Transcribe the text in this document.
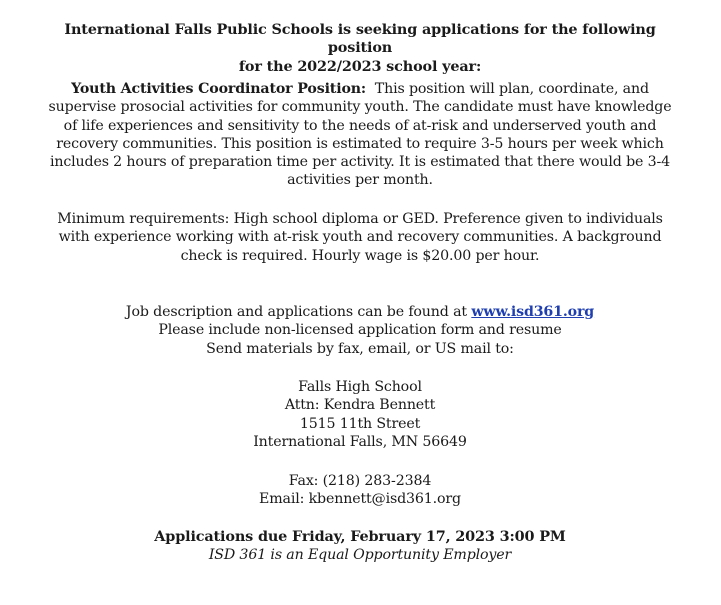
International Falls Public Schools is seeking applications for the following position
for the 2022/2023 school year:
Youth Activities Coordinator Position: This position will plan, coordinate, and supervise prosocial activities for community youth. The candidate must have knowledge of life experiences and sensitivity to the needs of at-risk and underserved youth and recovery communities. This position is estimated to require 3-5 hours per week which includes 2 hours of preparation time per activity. It is estimated that there would be 3-4 activities per month.
Minimum requirements: High school diploma or GED. Preference given to individuals with experience working with at-risk youth and recovery communities. A background check is required. Hourly wage is $20.00 per hour.
Job description and applications can be found at www.isd361.org
Please include non-licensed application form and resume
Send materials by fax, email, or US mail to:
Falls High School
Attn: Kendra Bennett
1515 11th Street
International Falls, MN 56649
Fax: (218) 283-2384
Email: kbennett@isd361.org
Applications due Friday, February 17, 2023 3:00 PM
ISD 361 is an Equal Opportunity Employer
